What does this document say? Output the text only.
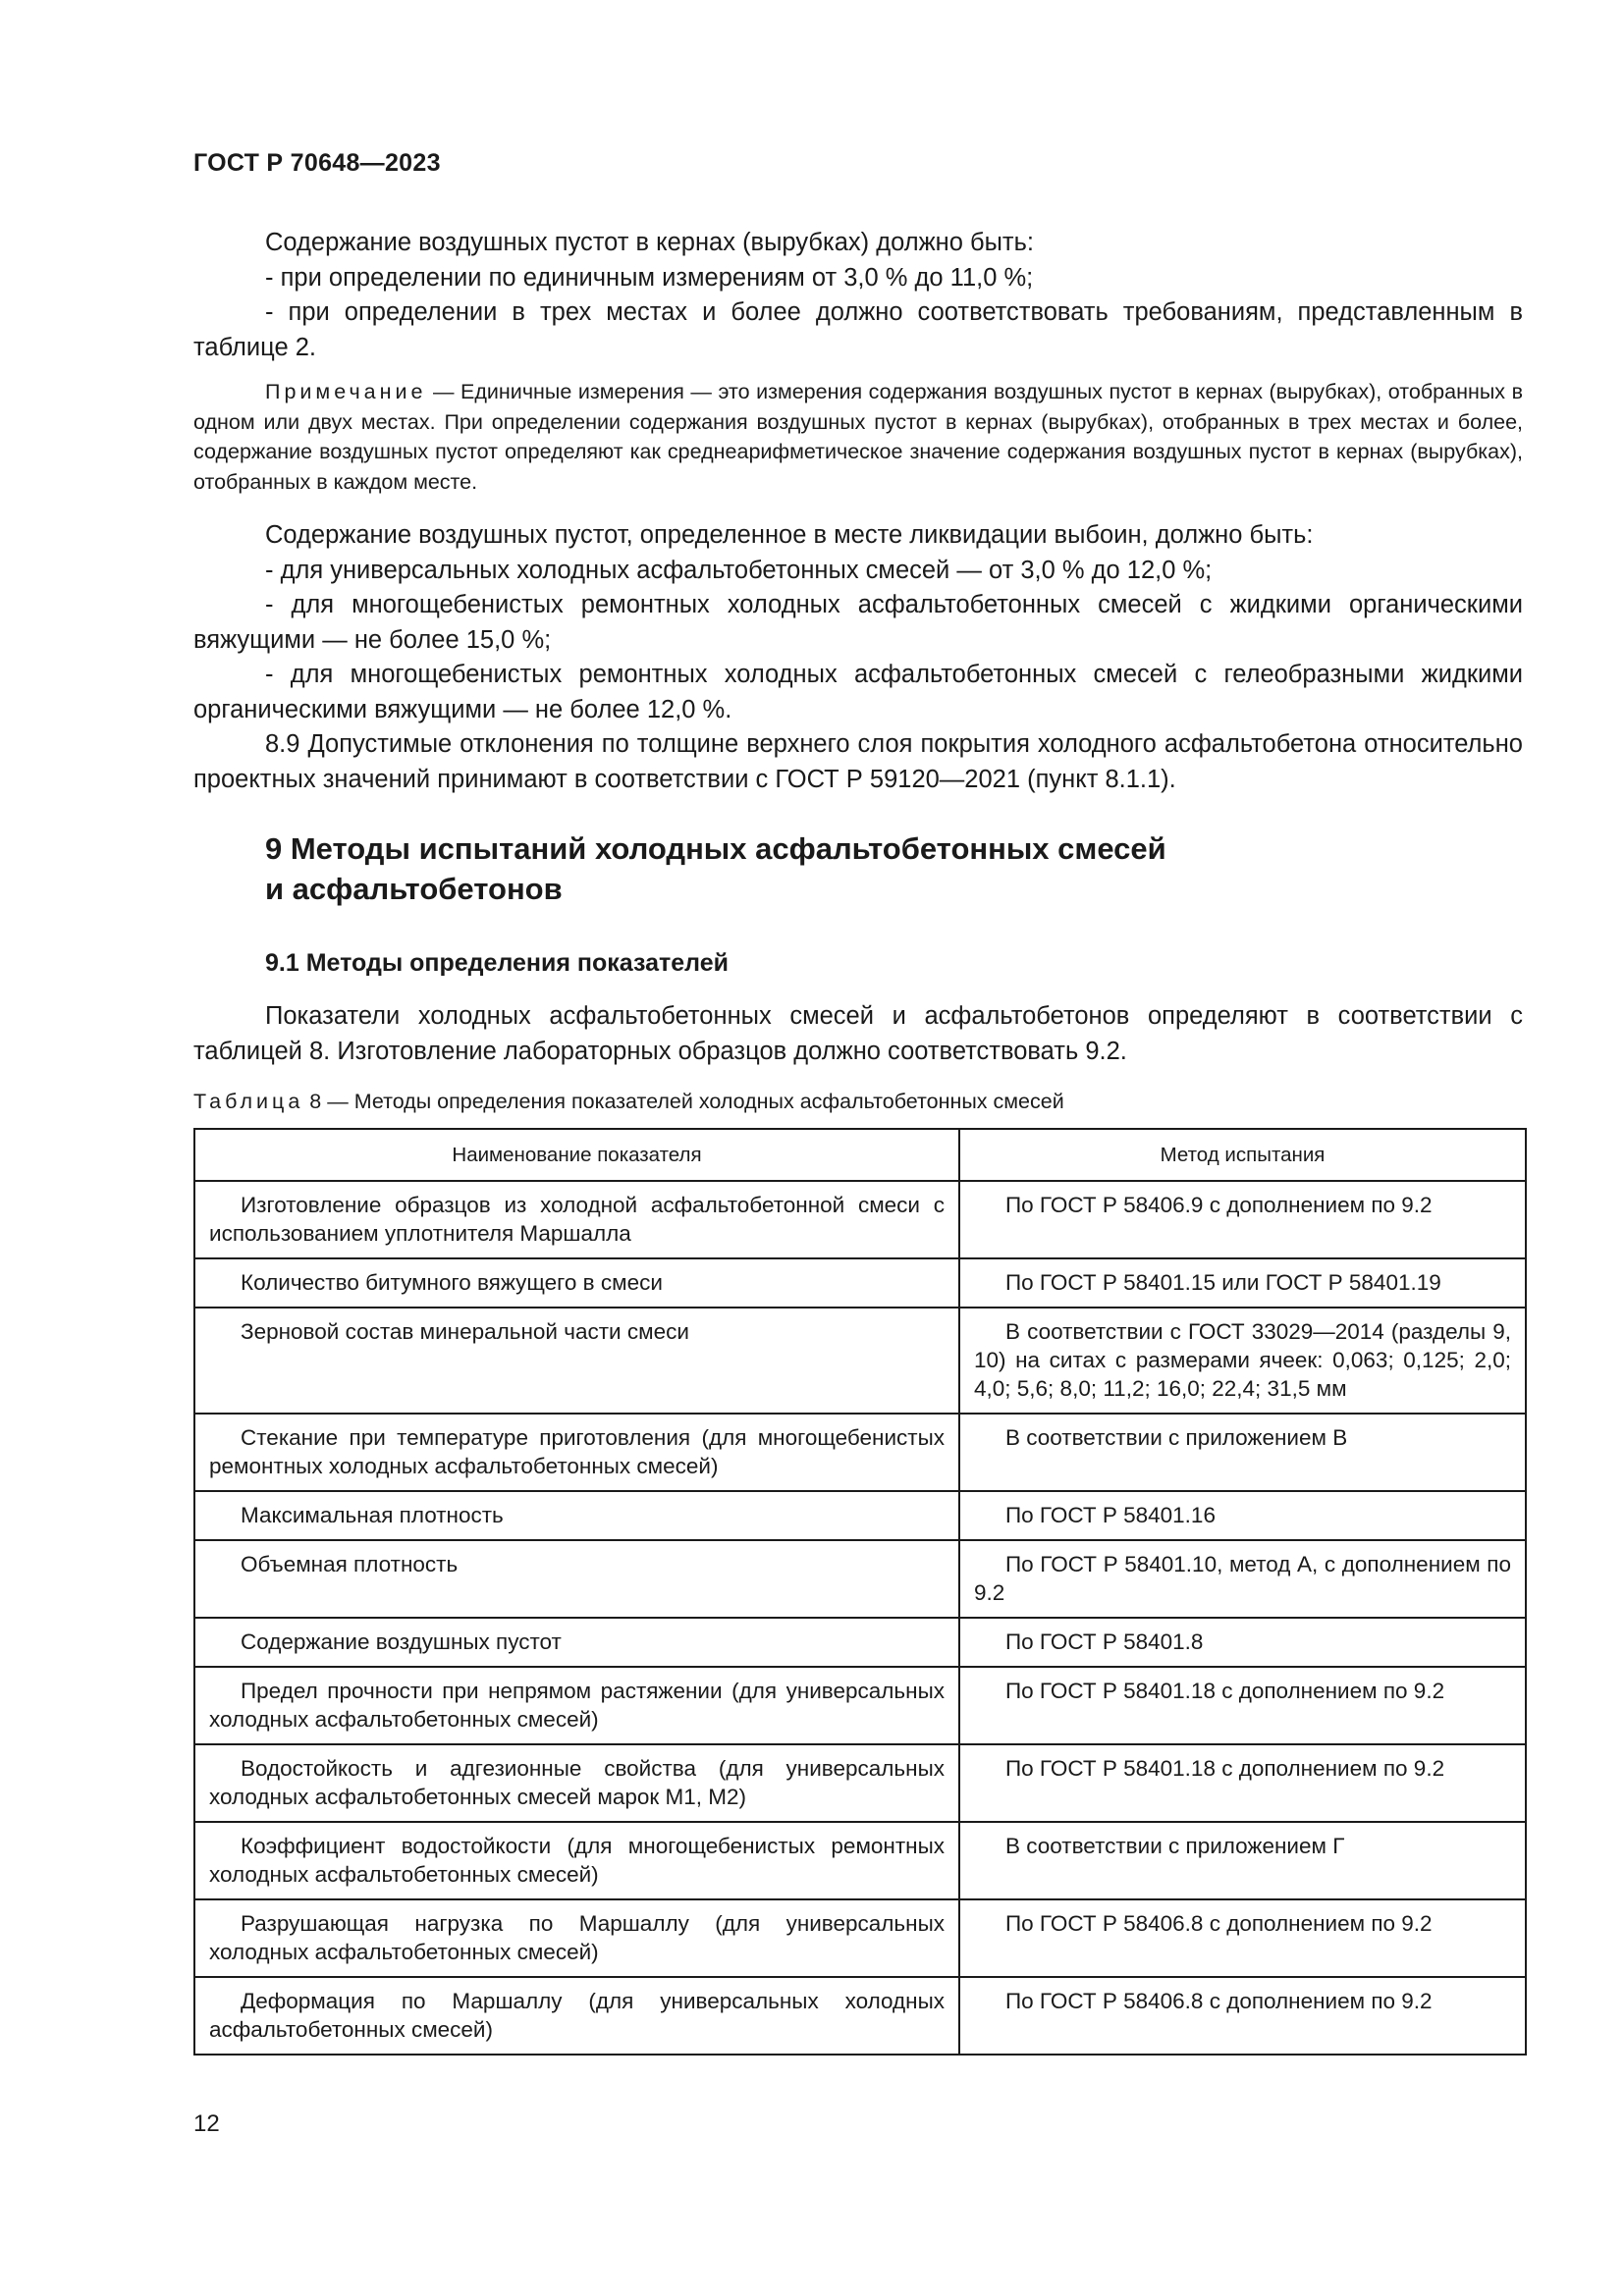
ГОСТ Р 70648—2023

Содержание воздушных пустот в кернах (вырубках) должно быть:

- при определении по единичным измерениям от 3,0 % до 11,0 %;

- при определении в трех местах и более должно соответствовать требованиям, представленным в таблице 2.

Примечание — Единичные измерения — это измерения содержания воздушных пустот в кернах (вырубках), отобранных в одном или двух местах. При определении содержания воздушных пустот в кернах (вырубках), отобранных в трех местах и более, содержание воздушных пустот определяют как среднеарифметическое значение содержания воздушных пустот в кернах (вырубках), отобранных в каждом месте.

Содержание воздушных пустот, определенное в месте ликвидации выбоин, должно быть:

- для универсальных холодных асфальтобетонных смесей — от 3,0 % до 12,0 %;

- для многощебенистых ремонтных холодных асфальтобетонных смесей с жидкими органическими вяжущими — не более 15,0 %;

- для многощебенистых ремонтных холодных асфальтобетонных смесей с гелеобразными жидкими органическими вяжущими — не более 12,0 %.

8.9 Допустимые отклонения по толщине верхнего слоя покрытия холодного асфальтобетона относительно проектных значений принимают в соответствии с ГОСТ Р 59120—2021 (пункт 8.1.1).

9 Методы испытаний холодных асфальтобетонных смесей
и асфальтобетонов
9.1 Методы определения показателей

Показатели холодных асфальтобетонных смесей и асфальтобетонов определяют в соответствии с таблицей 8. Изготовление лабораторных образцов должно соответствовать 9.2.

Таблица 8 — Методы определения показателей холодных асфальтобетонных смесей
Наименование показателя	Метод испытания

Изготовление образцов из холодной асфальтобетонной смеси с использованием уплотнителя Маршалла	По ГОСТ Р 58406.9 с дополнением по 9.2

Количество битумного вяжущего в смеси	По ГОСТ Р 58401.15 или ГОСТ Р 58401.19

Зерновой состав минеральной части смеси	В соответствии с ГОСТ 33029—2014 (разделы 9, 10) на ситах с размерами ячеек: 0,063; 0,125; 2,0; 4,0; 5,6; 8,0; 11,2; 16,0; 22,4; 31,5 мм

Стекание при температуре приготовления (для многощебенистых ремонтных холодных асфальтобетонных смесей)	В соответствии с приложением В

Максимальная плотность	По ГОСТ Р 58401.16

Объемная плотность	По ГОСТ Р 58401.10, метод А, с дополнением по 9.2

Содержание воздушных пустот	По ГОСТ Р 58401.8

Предел прочности при непрямом растяжении (для универсальных холодных асфальтобетонных смесей)	По ГОСТ Р 58401.18 с дополнением по 9.2

Водостойкость и адгезионные свойства (для универсальных холодных асфальтобетонных смесей марок М1, М2)	По ГОСТ Р 58401.18 с дополнением по 9.2

Коэффициент водостойкости (для многощебенистых ремонтных холодных асфальтобетонных смесей)	В соответствии с приложением Г

Разрушающая нагрузка по Маршаллу (для универсальных холодных асфальтобетонных смесей)	По ГОСТ Р 58406.8 с дополнением по 9.2

Деформация по Маршаллу (для универсальных холодных асфальтобетонных смесей)	По ГОСТ Р 58406.8 с дополнением по 9.2
12
